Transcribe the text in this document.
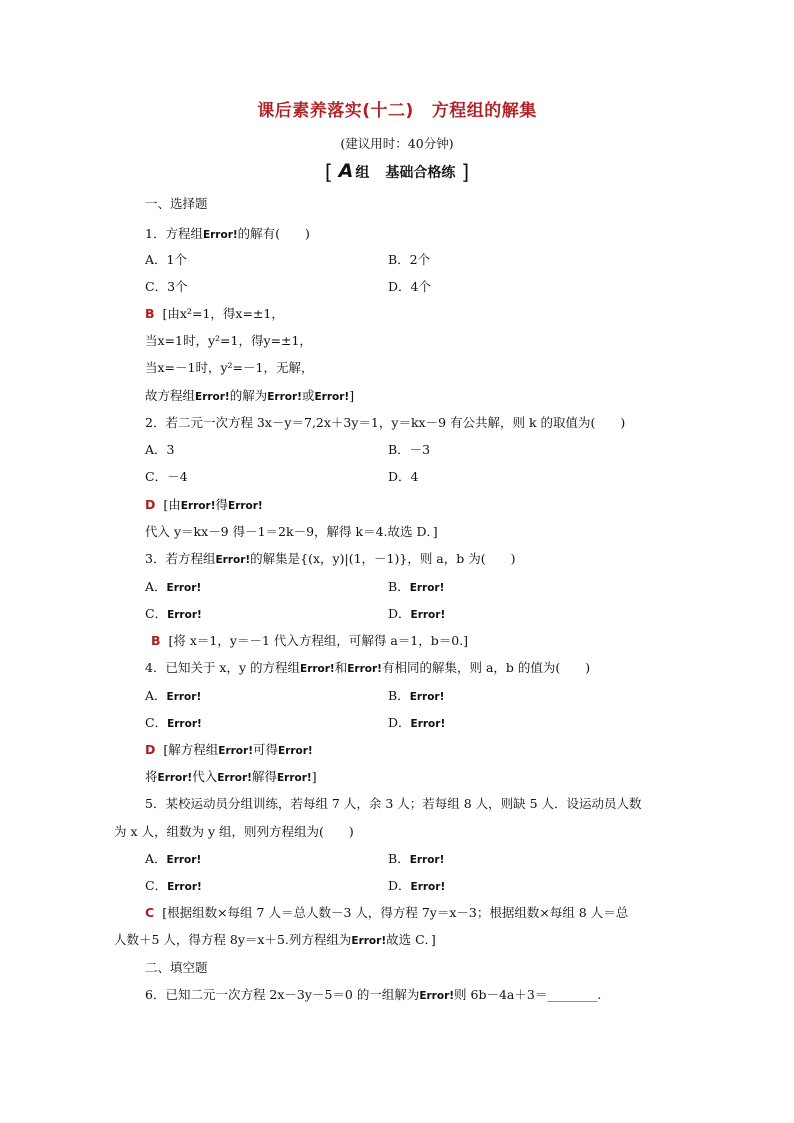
课后素养落实(十二) 方程组的解集
(建议用时：40分钟)
[ A 组 基础合格练 ]
一、选择题
1．方程组Error!的解有(　　)
A．1个	B．2个
C．3个	D．4个
B [由x²=1，得x=±1，
当x=1时，y²=1，得y=±1，
当x=－1时，y²=－1，无解，
故方程组Error!的解为Error!或Error!]
2．若二元一次方程 3x－y＝7,2x＋3y＝1，y＝kx－9 有公共解，则 k 的取值为(　　)
A．3	B．－3
C．－4	D．4
D [由Error!得Error!
代入 y＝kx－9 得－1＝2k－9，解得 k＝4.故选 D．]
3．若方程组Error!的解集是{(x，y)|(1，－1)}，则 a，b 为(　　)
A．Error!	B．Error!
C．Error!	D．Error!
B [将 x＝1，y＝－1 代入方程组，可解得 a＝1，b＝0.]
4．已知关于 x，y 的方程组Error!和Error!有相同的解集，则 a，b 的值为(　　)
A．Error!	B．Error!
C．Error!	D．Error!
D [解方程组Error!可得Error!
将Error!代入Error!解得Error!]
5．某校运动员分组训练，若每组 7 人，余 3 人；若每组 8 人，则缺 5 人．设运动员人数
为 x 人，组数为 y 组，则列方程组为(　　)
A．Error!	B．Error!
C．Error!	D．Error!
C [根据组数×每组 7 人＝总人数－3 人，得方程 7y＝x－3；根据组数×每组 8 人＝总
人数＋5 人，得方程 8y＝x＋5.列方程组为Error!故选 C．]
二、填空题
6．已知二元一次方程 2x－3y－5＝0 的一组解为Error!则 6b－4a＋3＝________.
